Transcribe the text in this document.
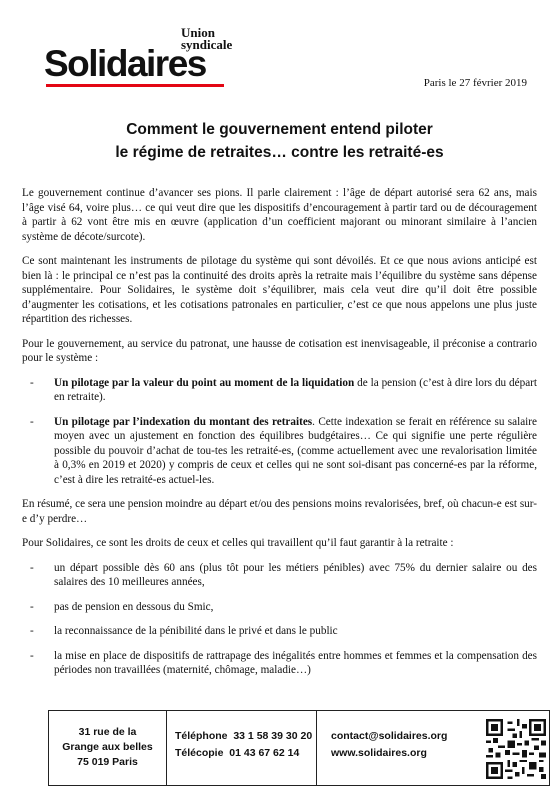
Union
syndicale
Solidaires	Paris le 27 février 2019
Comment le gouvernement entend piloter
le régime de retraites… contre les retraité-es

Le gouvernement continue d’avancer ses pions. Il parle clairement : l’âge de départ autorisé sera 62 ans, mais l’âge visé 64, voire plus… ce qui veut dire que les dispositifs d’encouragement à partir tard ou de découragement à partir à 62 vont être mis en œuvre (application d’un coefficient majorant ou minorant similaire à l’ancien système de décote/surcote).

Ce sont maintenant les instruments de pilotage du système qui sont dévoilés. Et ce que nous avions anticipé est bien là : le principal ce n’est pas la continuité des droits après la retraite mais l’équilibre du système sans dépense supplémentaire. Pour Solidaires, le système doit s’équilibrer, mais cela veut dire qu’il doit être possible d’augmenter les cotisations, et les cotisations patronales en particulier, c’est ce que nous appelons une plus juste répartition des richesses.

Pour le gouvernement, au service du patronat, une hausse de cotisation est inenvisageable, il préconise a contrario pour le système :

- Un pilotage par la valeur du point au moment de la liquidation de la pension (c’est à dire lors du départ en retraite).
- Un pilotage par l’indexation du montant des retraites. Cette indexation se ferait en référence su salaire moyen avec un ajustement en fonction des équilibres budgétaires… Ce qui signifie une perte régulière possible du pouvoir d’achat de tou-tes les retraité-es, (comme actuellement avec une revalorisation limitée à 0,3% en 2019 et 2020) y compris de ceux et celles qui ne sont soi-disant pas concerné-es par la réforme, c’est à dire les retraité-es actuel-les.

En résumé, ce sera une pension moindre au départ et/ou des pensions moins revalorisées, bref, où chacun-e est sur-e d’y perdre…

Pour Solidaires, ce sont les droits de ceux et celles qui travaillent qu’il faut garantir à la retraite :

- un départ possible dès 60 ans (plus tôt pour les métiers pénibles) avec 75% du dernier salaire ou des salaires des 10 meilleures années,
- pas de pension en dessous du Smic,
- la reconnaissance de la pénibilité dans le privé et dans le public
- la mise en place de dispositifs de rattrapage des inégalités entre hommes et femmes et la compensation des périodes non travaillées (maternité, chômage, maladie…)
31 rue de la
Grange aux belles
75 019 Paris
Téléphone  33 1 58 39 30 20
Télécopie  01 43 67 62 14
contact@solidaires.org
www.solidaires.org
